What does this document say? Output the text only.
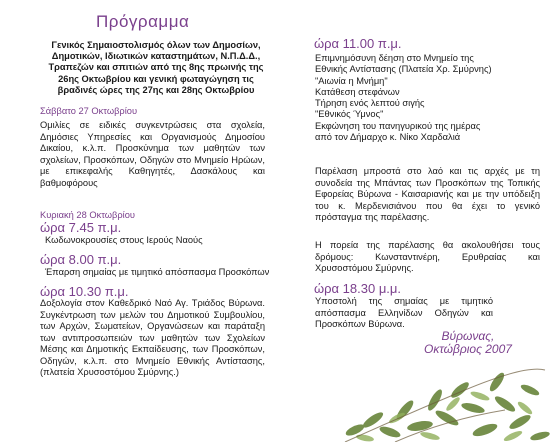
Πρόγραμμα
Γενικός Σημαιοστολισμός όλων των Δημοσίων, Δημοτικών, Ιδιωτικών καταστημάτων, Ν.Π.Δ.Δ., Τραπεζών και σπιτιών από της 8ης πρωινής της 26ης Οκτωβρίου και γενική φωταγώγηση τις βραδινές ώρες της 27ης και 28ης Οκτωβρίου
Σάββατο 27 Οκτωβρίου
Ομιλίες σε ειδικές συγκεντρώσεις στα σχολεία, Δημόσιες Υπηρεσίες και Οργανισμούς Δημοσίου Δικαίου, κ.λ.π. Προσκύνημα των μαθητών των σχολείων, Προσκόπων, Οδηγών στο Μνημείο Ηρώων, με επικεφαλής Καθηγητές, Δασκάλους και βαθμοφόρους
Κυριακή 28 Οκτωβρίου
ώρα 7.45 π.μ.
Κωδωνοκρουσίες στους Ιερούς Ναούς
ώρα 8.00 π.μ.
Έπαρση σημαίας με τιμητικό απόσπασμα Προσκόπων
ώρα 10.30 π.μ.
Δοξολογία στον Καθεδρικό Ναό Αγ. Τριάδος Βύρωνα. Συγκέντρωση των μελών του Δημοτικού Συμβουλίου, των Αρχών, Σωματείων, Οργανώσεων και παράταξη των αντιπροσωπειών των μαθητών των Σχολείων Μέσης και Δημοτικής Εκπαίδευσης, των Προσκόπων, Οδηγών, κ.λ.π. στο Μνημείο Εθνικής Αντίστασης, (πλατεία Χρυσοστόμου Σμύρνης.)
ώρα 11.00 π.μ.
Επιμνημόσυνη δέηση στο Μνημείο της
Εθνικής Αντίστασης (Πλατεία Χρ. Σμύρνης)
"Αιωνία η Μνήμη"
Κατάθεση στεφάνων
Τήρηση ενός λεπτού σιγής
"Εθνικός Ύμνος"
Εκφώνηση του πανηγυρικού της ημέρας
από τον Δήμαρχο κ. Νίκο Χαρδαλιά
Παρέλαση μπροστά στο λαό και τις αρχές με τη συνοδεία της Μπάντας των Προσκόπων της Τοπικής Εφορείας Βύρωνα - Καισαριανής και με την υπόδειξη του κ. Μερδενισιάνου που θα έχει το γενικό πρόσταγμα της παρέλασης.
Η πορεία της παρέλασης θα ακολουθήσει τους δρόμους: Κωνσταντινέρη, Ερυθραίας και Χρυσοστόμου Σμύρνης.
ώρα 18.30 μ.μ.
Υποστολή της σημαίας με τιμητικό απόσπασμα Ελληνίδων Οδηγών και Προσκόπων Βύρωνα.
Βύρωνας,
Οκτώβριος 2007
